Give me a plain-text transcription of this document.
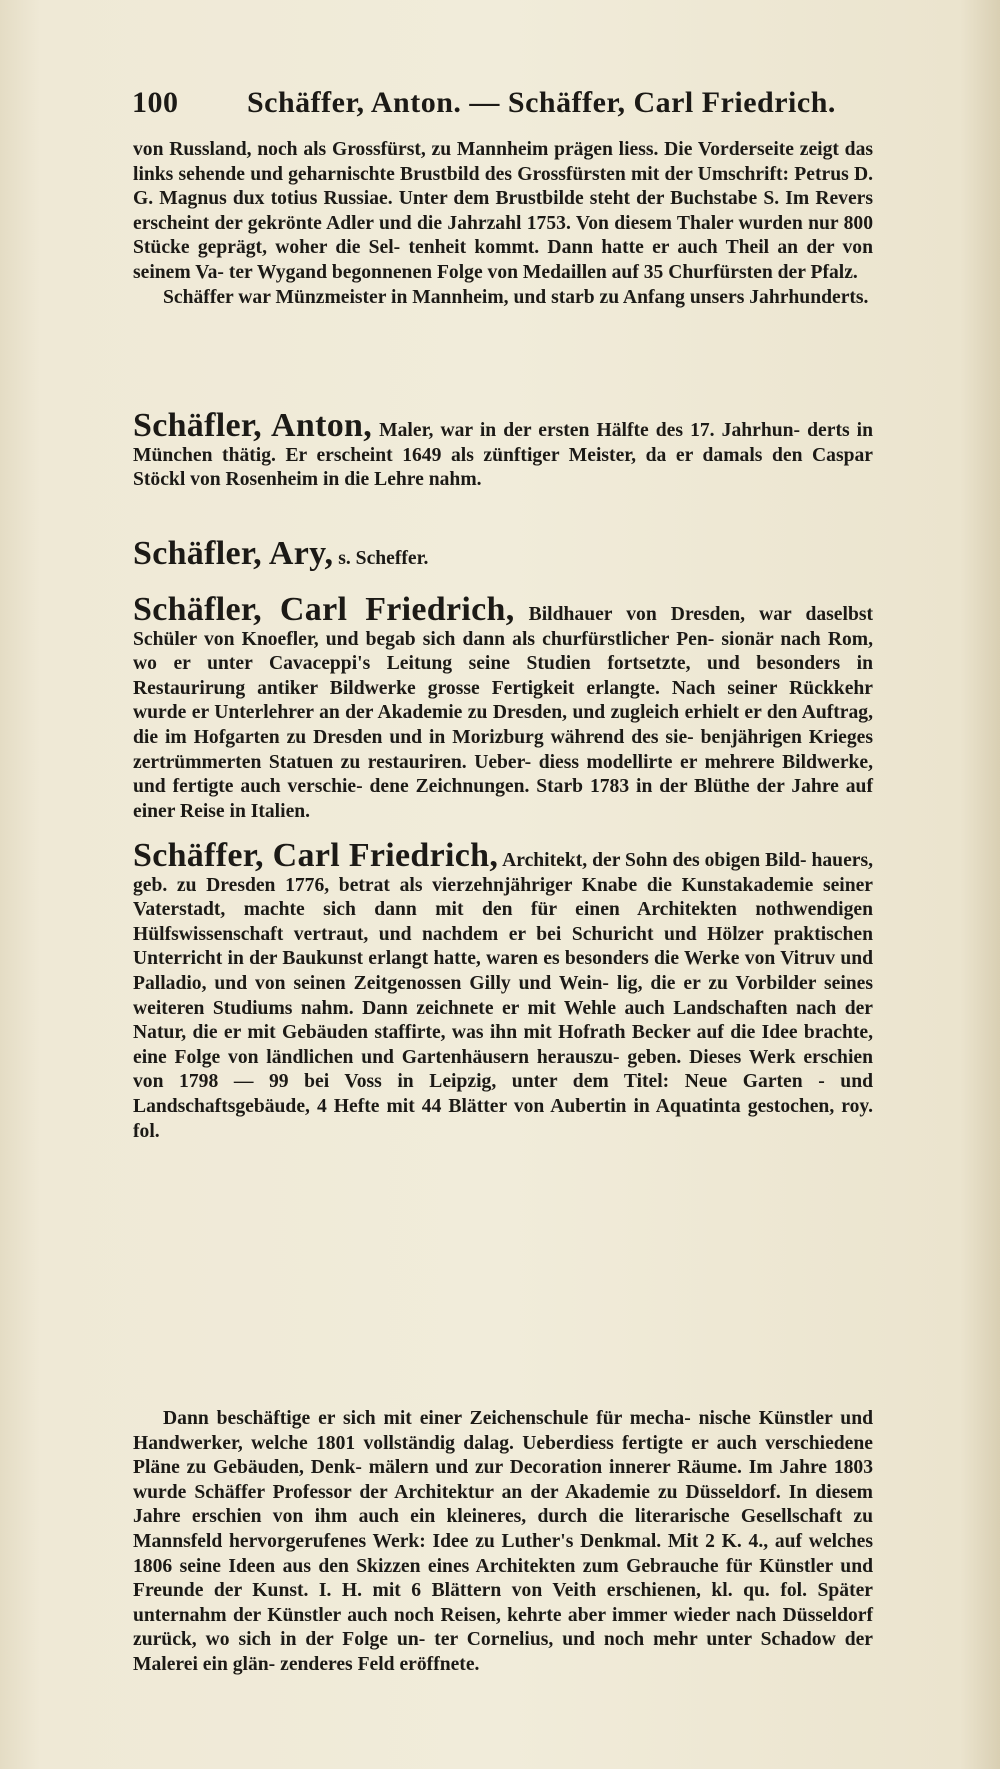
100 Schäffer, Anton. — Schäffer, Carl Friedrich.

von Russland, noch als Grossfürst, zu Mannheim prägen liess. Die Vorderseite zeigt das links sehende und geharnischte Brustbild des Grossfürsten mit der Umschrift: Petrus D. G. Magnus dux totius Russiae. Unter dem Brustbilde steht der Buchstabe S. Im Revers erscheint der gekrönte Adler und die Jahrzahl 1753. Von diesem Thaler wurden nur 800 Stücke geprägt, woher die Sel- tenheit kommt. Dann hatte er auch Theil an der von seinem Va- ter Wygand begonnenen Folge von Medaillen auf 35 Churfürsten der Pfalz.

Schäffer war Münzmeister in Mannheim, und starb zu Anfang unsers Jahrhunderts.

Schäfler, Anton, Maler, war in der ersten Hälfte des 17. Jahrhun- derts in München thätig. Er erscheint 1649 als zünftiger Meister, da er damals den Caspar Stöckl von Rosenheim in die Lehre nahm.

Schäfler, Ary, s. Scheffer.

Schäfler, Carl Friedrich, Bildhauer von Dresden, war daselbst Schüler von Knoefler, und begab sich dann als churfürstlicher Pen- sionär nach Rom, wo er unter Cavaceppi's Leitung seine Studien fortsetzte, und besonders in Restaurirung antiker Bildwerke grosse Fertigkeit erlangte. Nach seiner Rückkehr wurde er Unterlehrer an der Akademie zu Dresden, und zugleich erhielt er den Auftrag, die im Hofgarten zu Dresden und in Morizburg während des sie- benjährigen Krieges zertrümmerten Statuen zu restauriren. Ueber- diess modellirte er mehrere Bildwerke, und fertigte auch verschie- dene Zeichnungen. Starb 1783 in der Blüthe der Jahre auf einer Reise in Italien.

Schäffer, Carl Friedrich, Architekt, der Sohn des obigen Bild- hauers, geb. zu Dresden 1776, betrat als vierzehnjähriger Knabe die Kunstakademie seiner Vaterstadt, machte sich dann mit den für einen Architekten nothwendigen Hülfswissenschaft vertraut, und nachdem er bei Schuricht und Hölzer praktischen Unterricht in der Baukunst erlangt hatte, waren es besonders die Werke von Vitruv und Palladio, und von seinen Zeitgenossen Gilly und Wein- lig, die er zu Vorbilder seines weiteren Studiums nahm. Dann zeichnete er mit Wehle auch Landschaften nach der Natur, die er mit Gebäuden staffirte, was ihn mit Hofrath Becker auf die Idee brachte, eine Folge von ländlichen und Gartenhäusern herauszu- geben. Dieses Werk erschien von 1798 — 99 bei Voss in Leipzig, unter dem Titel: Neue Garten - und Landschaftsgebäude, 4 Hefte mit 44 Blätter von Aubertin in Aquatinta gestochen, roy. fol.

Dann beschäftige er sich mit einer Zeichenschule für mecha- nische Künstler und Handwerker, welche 1801 vollständig dalag. Ueberdiess fertigte er auch verschiedene Pläne zu Gebäuden, Denk- mälern und zur Decoration innerer Räume. Im Jahre 1803 wurde Schäffer Professor der Architektur an der Akademie zu Düsseldorf. In diesem Jahre erschien von ihm auch ein kleineres, durch die literarische Gesellschaft zu Mannsfeld hervorgerufenes Werk: Idee zu Luther's Denkmal. Mit 2 K. 4., auf welches 1806 seine Ideen aus den Skizzen eines Architekten zum Gebrauche für Künstler und Freunde der Kunst. I. H. mit 6 Blättern von Veith erschienen, kl. qu. fol. Später unternahm der Künstler auch noch Reisen, kehrte aber immer wieder nach Düsseldorf zurück, wo sich in der Folge un- ter Cornelius, und noch mehr unter Schadow der Malerei ein glän- zenderes Feld eröffnete.
